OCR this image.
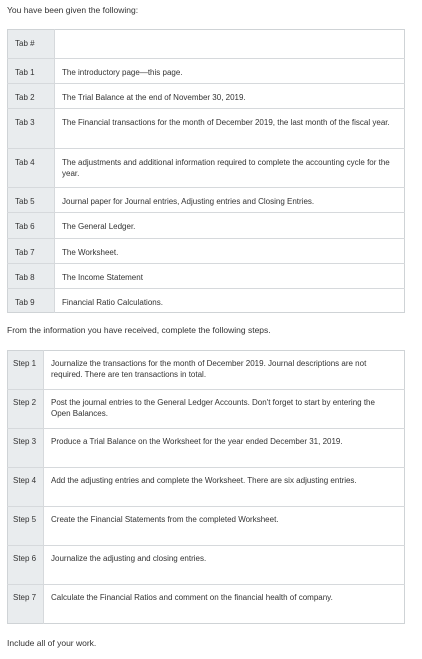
You have been given the following:
Tab #	
Tab 1	The introductory page—this page.
Tab 2	The Trial Balance at the end of November 30, 2019.
Tab 3	The Financial transactions for the month of December 2019, the last month of the fiscal year.
Tab 4	The adjustments and additional information required to complete the accounting cycle for the year.
Tab 5	Journal paper for Journal entries, Adjusting entries and Closing Entries.
Tab 6	The General Ledger.
Tab 7	The Worksheet.
Tab 8	The Income Statement
Tab 9	Financial Ratio Calculations.
From the information you have received, complete the following steps.
Step 1	Journalize the transactions for the month of December 2019. Journal descriptions are not required. There are ten transactions in total.
Step 2	Post the journal entries to the General Ledger Accounts. Don't forget to start by entering the Open Balances.
Step 3	Produce a Trial Balance on the Worksheet for the year ended December 31, 2019.
Step 4	Add the adjusting entries and complete the Worksheet. There are six adjusting entries.
Step 5	Create the Financial Statements from the completed Worksheet.
Step 6	Journalize the adjusting and closing entries.
Step 7	Calculate the Financial Ratios and comment on the financial health of company.
Include all of your work.
